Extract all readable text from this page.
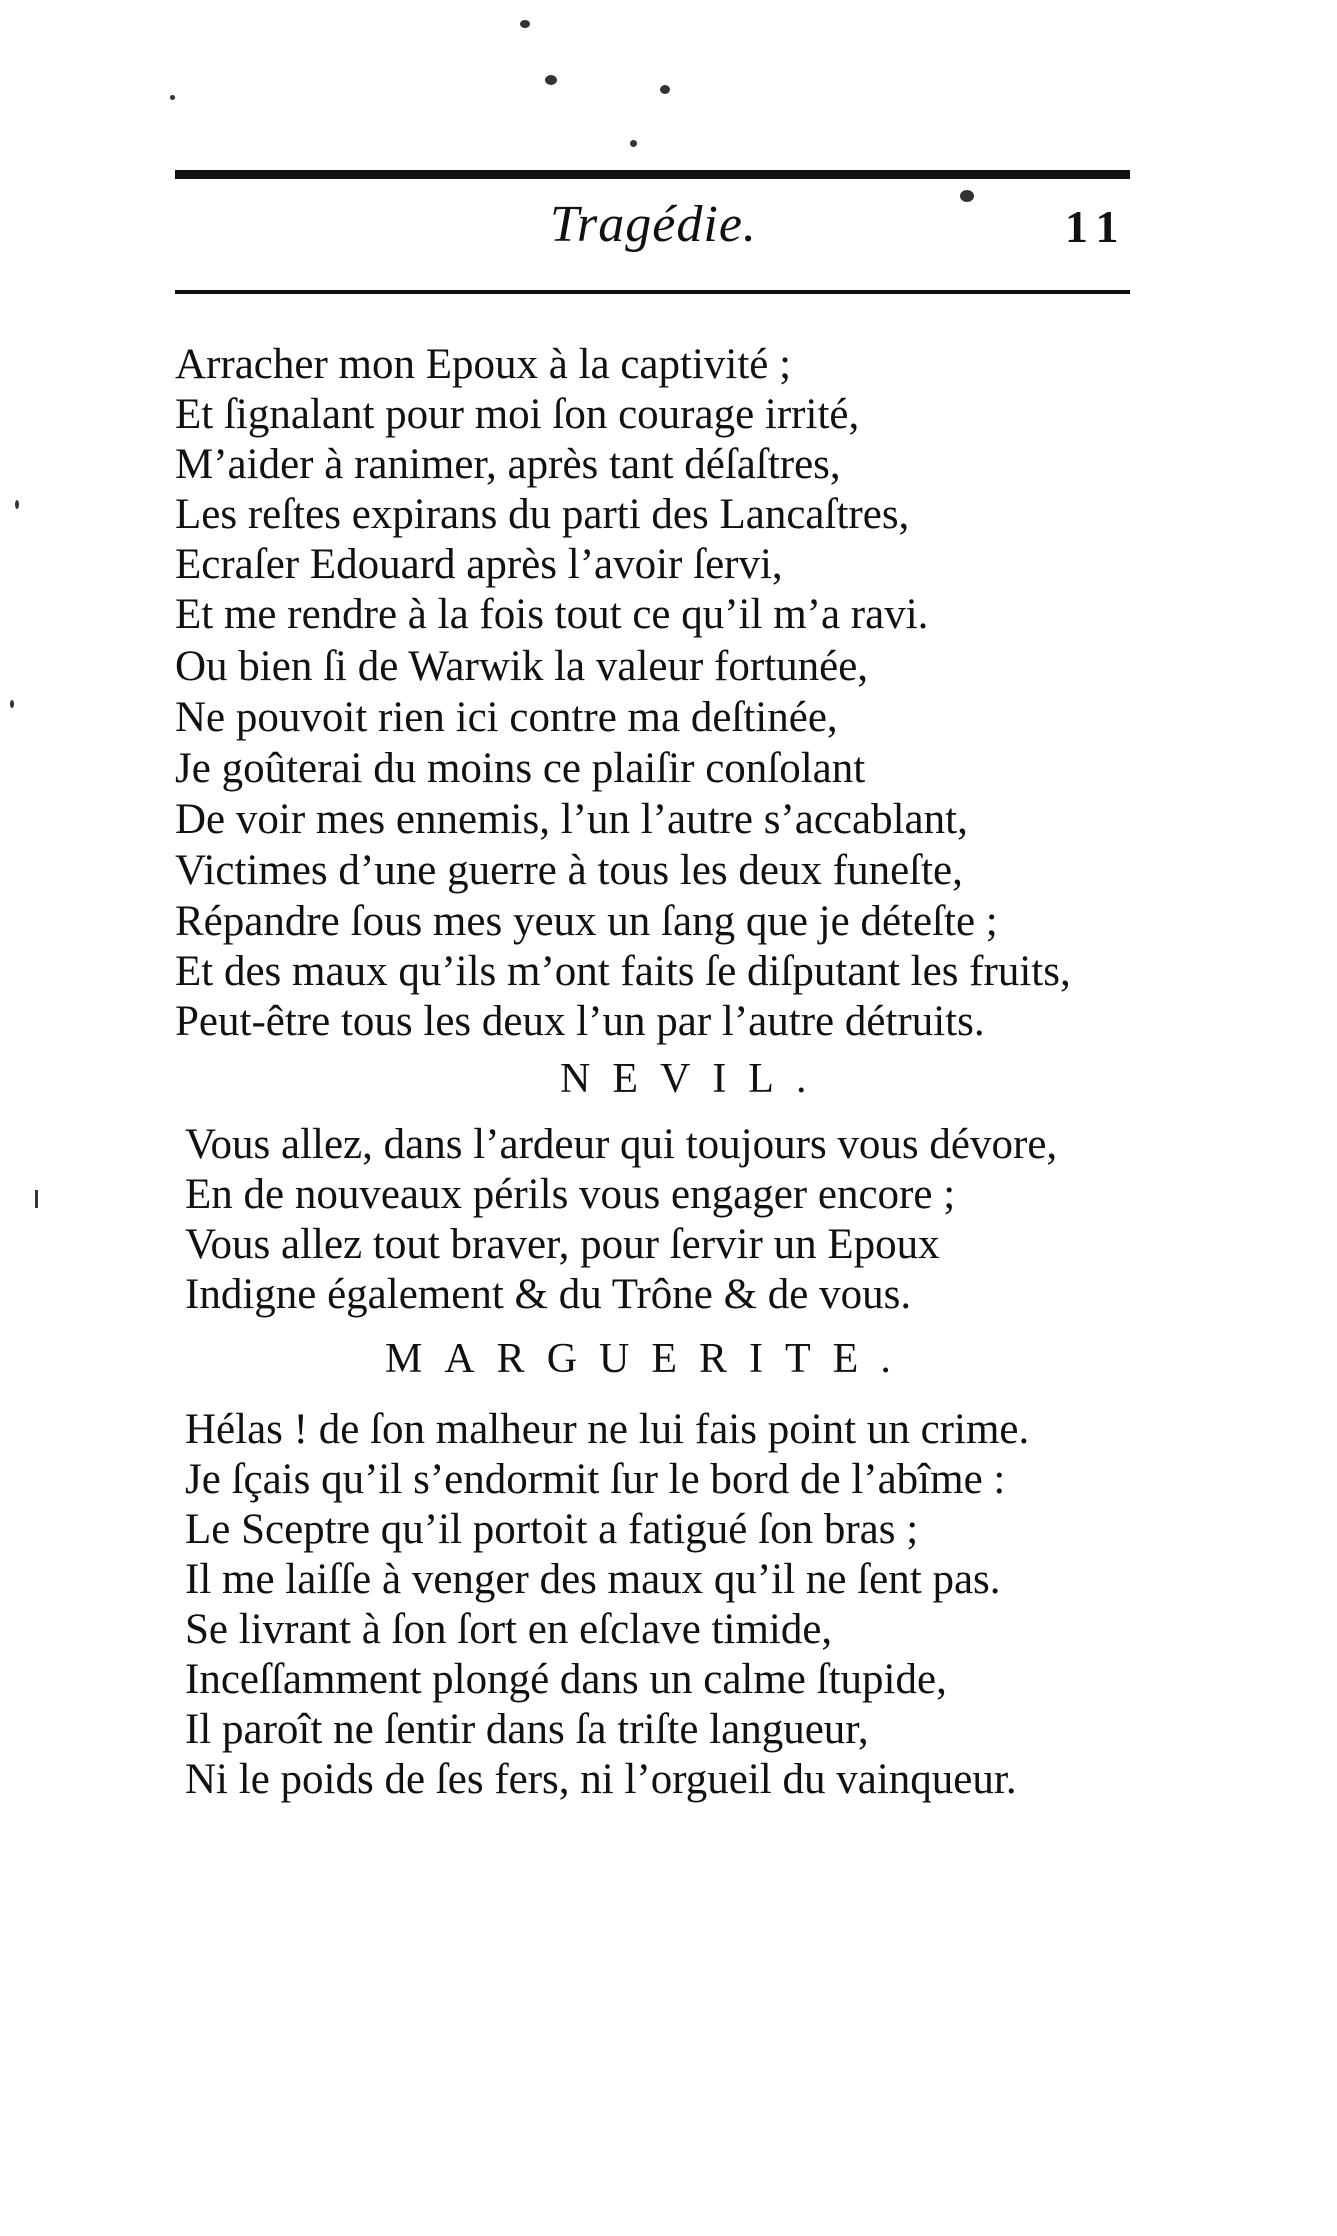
Tragédie.	11
Arracher mon Epoux à la captivité ;
Et ſignalant pour moi ſon courage irrité,
M’aider à ranimer, après tant déſaſtres,
Les reſtes expirans du parti des Lancaſtres,
Ecraſer Edouard après l’avoir ſervi,
Et me rendre à la fois tout ce qu’il m’a ravi.
Ou bien ſi de Warwik la valeur fortunée,
Ne pouvoit rien ici contre ma deſtinée,
Je goûterai du moins ce plaiſir conſolant
De voir mes ennemis, l’un l’autre s’accablant,
Victimes d’une guerre à tous les deux funeſte,
Répandre ſous mes yeux un ſang que je déteſte ;
Et des maux qu’ils m’ont faits ſe diſputant les fruits,
Peut-être tous les deux l’un par l’autre détruits.
NEVIL.
Vous allez, dans l’ardeur qui toujours vous dévore,
En de nouveaux périls vous engager encore ;
Vous allez tout braver, pour ſervir un Epoux
Indigne également & du Trône & de vous.
MARGUERITE.
Hélas ! de ſon malheur ne lui fais point un crime.
Je ſçais qu’il s’endormit ſur le bord de l’abîme :
Le Sceptre qu’il portoit a fatigué ſon bras ;
Il me laiſſe à venger des maux qu’il ne ſent pas.
Se livrant à ſon ſort en eſclave timide,
Inceſſamment plongé dans un calme ſtupide,
Il paroît ne ſentir dans ſa triſte langueur,
Ni le poids de ſes fers, ni l’orgueil du vainqueur.
